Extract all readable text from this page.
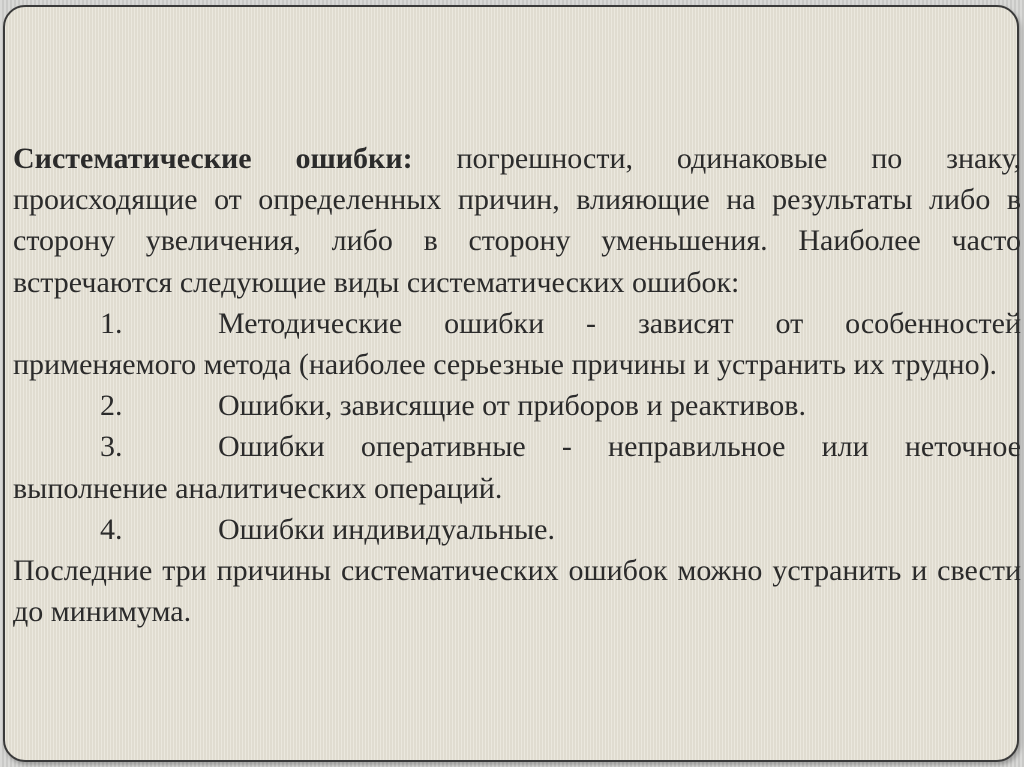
Систематические ошибки: погрешности, одинаковые по знаку, происходящие от определенных причин, влияющие на результаты либо в сторону увеличения, либо в сторону уменьшения. Наиболее часто встречаются следующие виды систематических ошибок:

1.	Методические ошибки - зависят от особенностей применяемого метода (наиболее серьезные причины и устранить их трудно).

2.	Ошибки, зависящие от приборов и реактивов.

3.	Ошибки оперативные - неправильное или неточное выполнение аналитических операций.

4.	Ошибки индивидуальные.

Последние три причины систематических ошибок можно устранить и свести до минимума.
